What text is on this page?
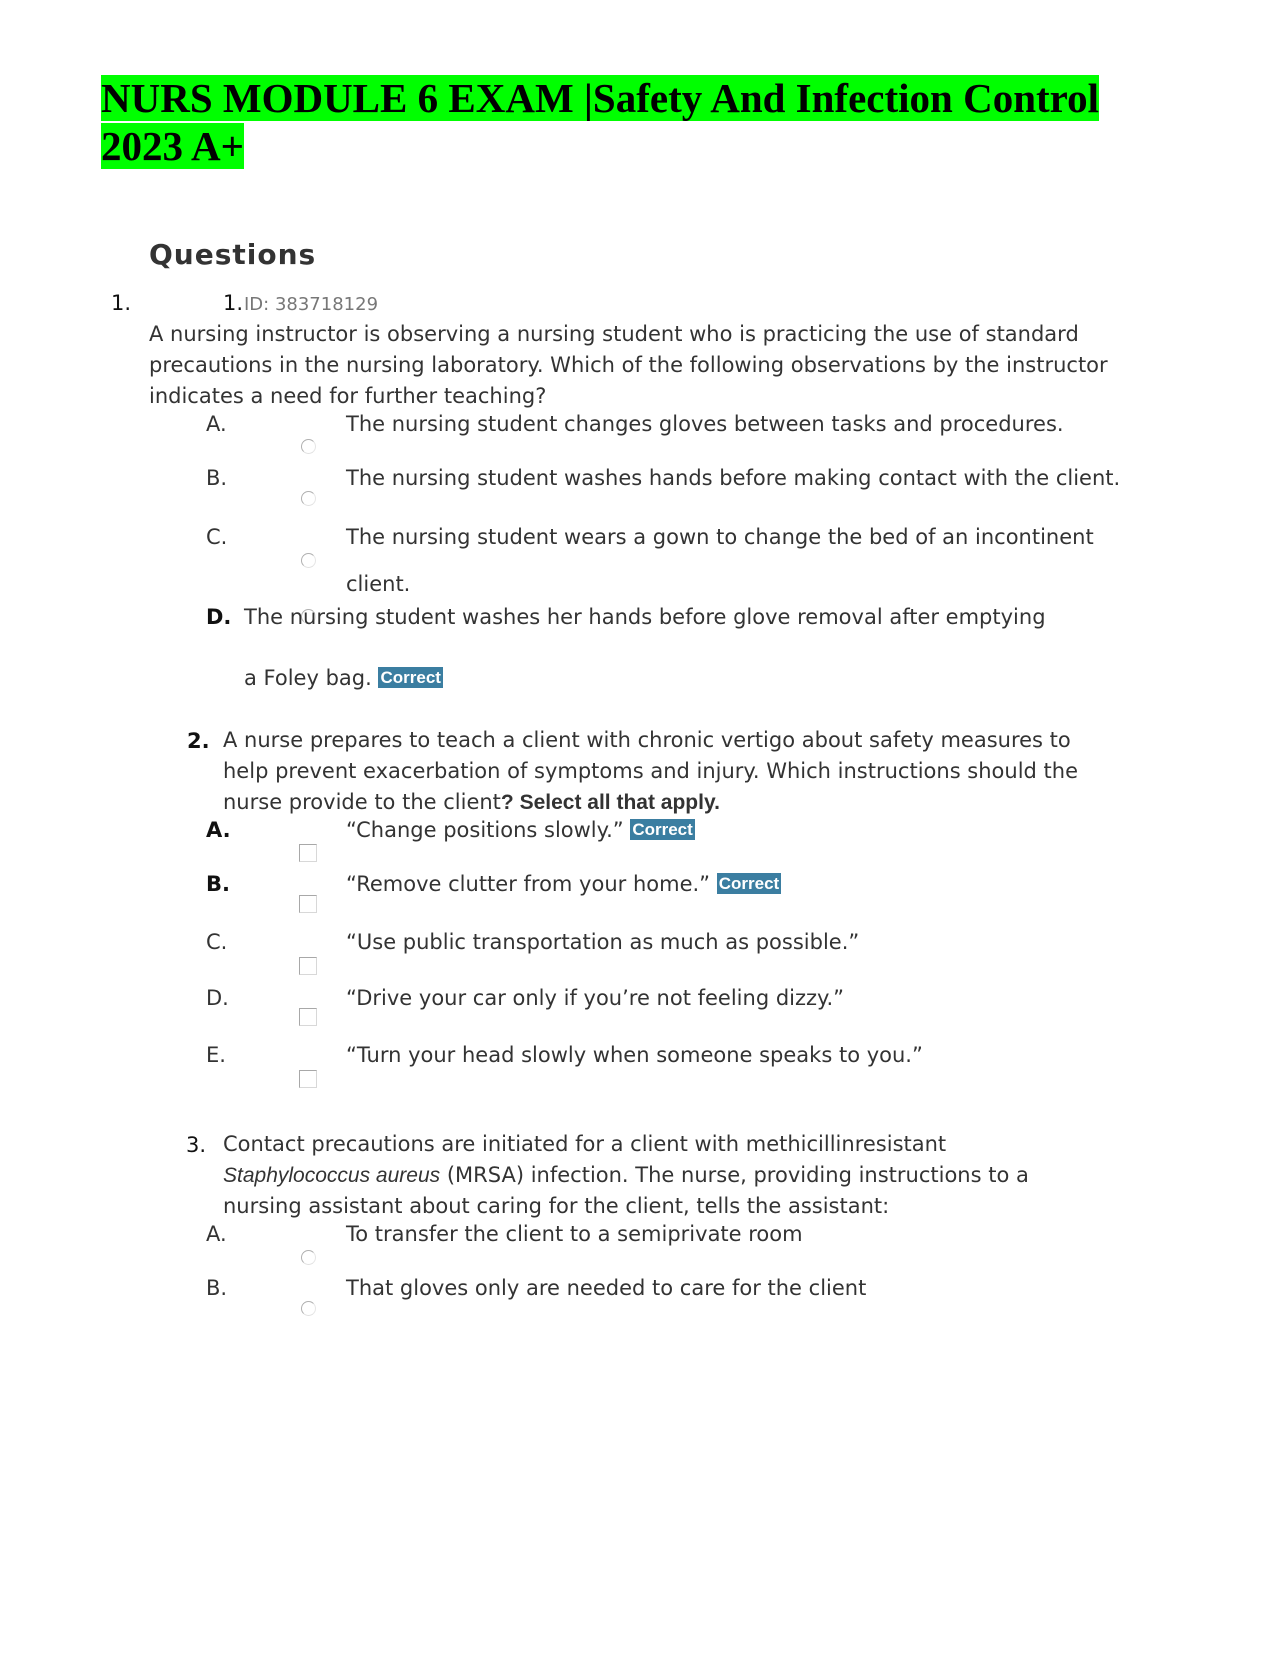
NURS MODULE 6 EXAM |Safety And Infection Control
2023 A+
Questions
1.	1. ID: 383718129
A nursing instructor is observing a nursing student who is practicing the use of standard
precautions in the nursing laboratory. Which of the following observations by the instructor
indicates a need for further teaching?
A.	The nursing student changes gloves between tasks and procedures.
B.	The nursing student washes hands before making contact with the client.
C.	The nursing student wears a gown to change the bed of an incontinent
client.
D. The nursing student washes her hands before glove removal after emptying
a Foley bag. Correct
2. A nurse prepares to teach a client with chronic vertigo about safety measures to
help prevent exacerbation of symptoms and injury. Which instructions should the
nurse provide to the client? Select all that apply.
A.	“Change positions slowly.” Correct
B.	“Remove clutter from your home.” Correct
C.	“Use public transportation as much as possible.”
D.	“Drive your car only if you’re not feeling dizzy.”
E.	“Turn your head slowly when someone speaks to you.”
3. Contact precautions are initiated for a client with methicillinresistant
Staphylococcus aureus (MRSA) infection. The nurse, providing instructions to a
nursing assistant about caring for the client, tells the assistant:
A.	To transfer the client to a semiprivate room
B.	That gloves only are needed to care for the client
